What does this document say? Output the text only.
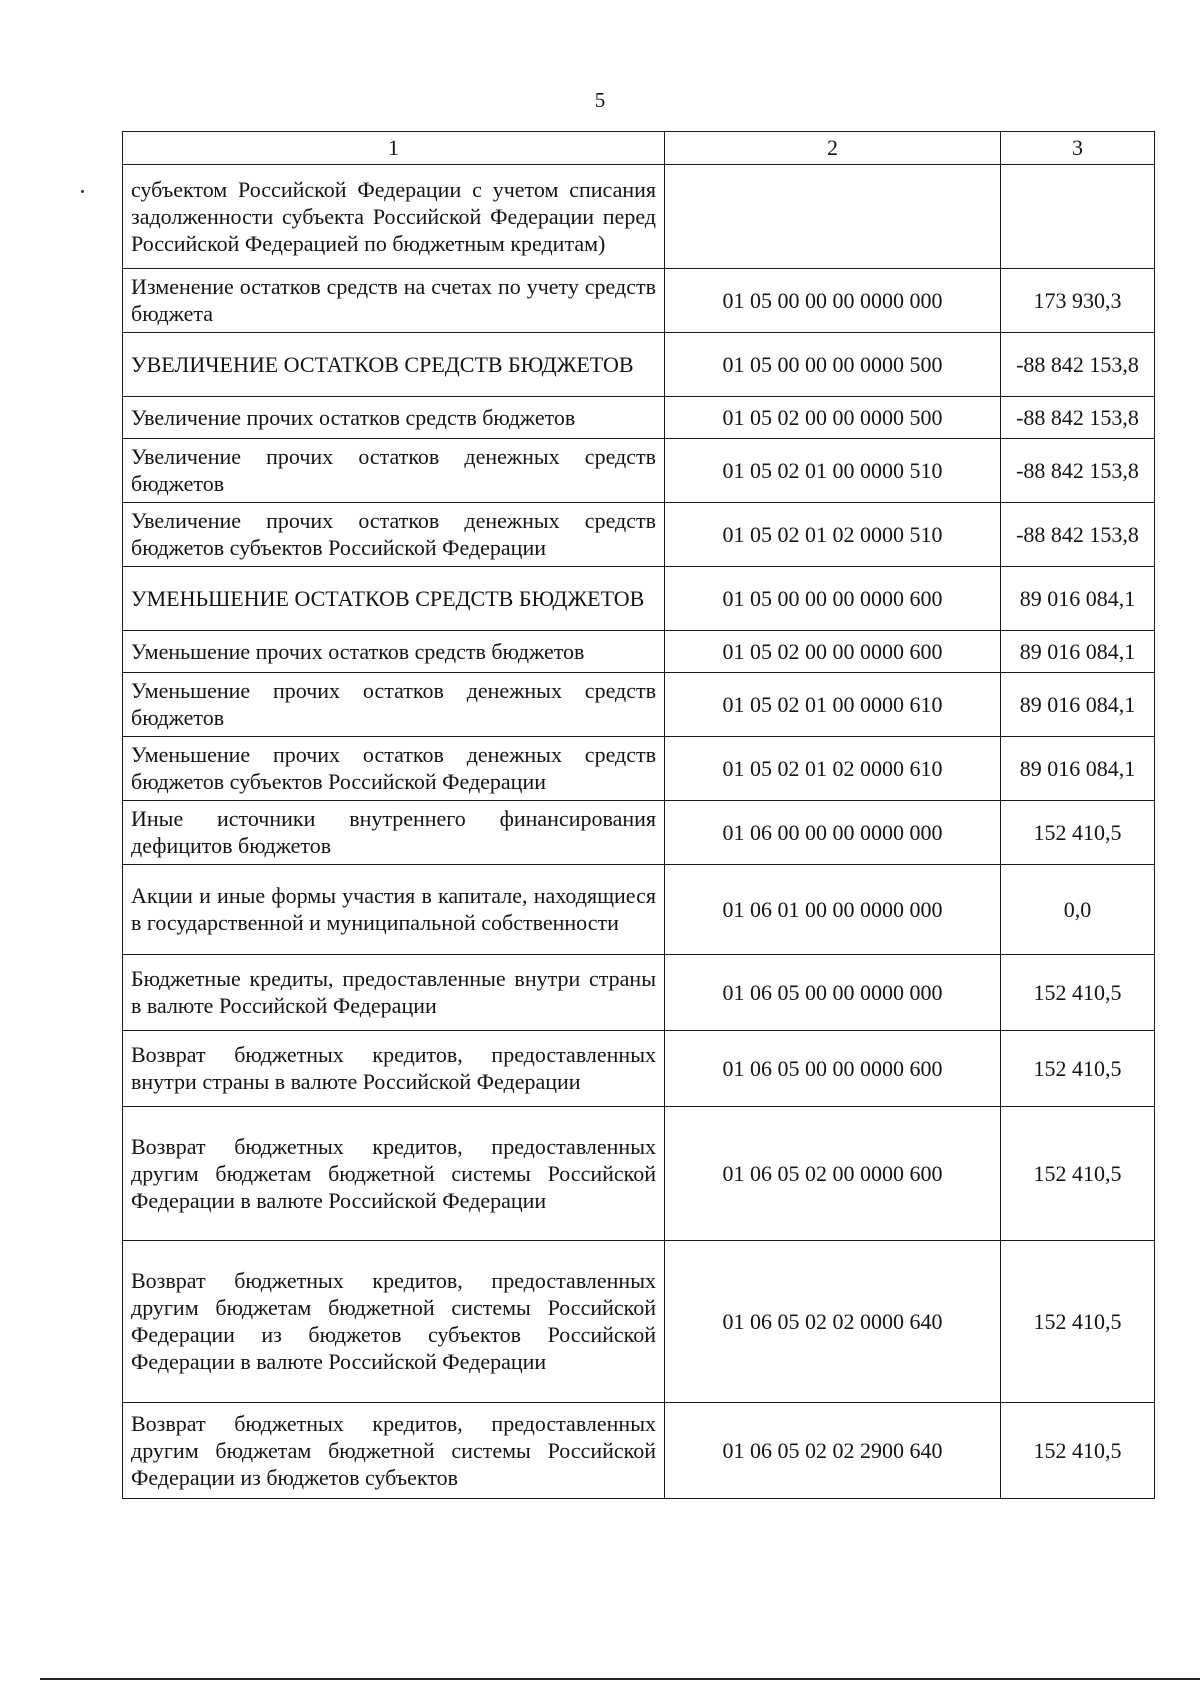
5
1	2	3
субъектом Российской Федерации с учетом списания задолженности субъекта Российской Федерации перед Российской Федерацией по бюджетным кредитам)		
Изменение остатков средств на счетах по учету средств бюджета	01 05 00 00 00 0000 000	173 930,3
УВЕЛИЧЕНИЕ ОСТАТКОВ СРЕДСТВ БЮДЖЕТОВ	01 05 00 00 00 0000 500	-88 842 153,8
Увеличение прочих остатков средств бюджетов	01 05 02 00 00 0000 500	-88 842 153,8
Увеличение прочих остатков денежных средств бюджетов	01 05 02 01 00 0000 510	-88 842 153,8
Увеличение прочих остатков денежных средств бюджетов субъектов Российской Федерации	01 05 02 01 02 0000 510	-88 842 153,8
УМЕНЬШЕНИЕ ОСТАТКОВ СРЕДСТВ БЮДЖЕТОВ	01 05 00 00 00 0000 600	89 016 084,1
Уменьшение прочих остатков средств бюджетов	01 05 02 00 00 0000 600	89 016 084,1
Уменьшение прочих остатков денежных средств бюджетов	01 05 02 01 00 0000 610	89 016 084,1
Уменьшение прочих остатков денежных средств бюджетов субъектов Российской Федерации	01 05 02 01 02 0000 610	89 016 084,1
Иные источники внутреннего финансирования дефицитов бюджетов	01 06 00 00 00 0000 000	152 410,5
Акции и иные формы участия в капитале, находящиеся в государственной и муниципальной собственности	01 06 01 00 00 0000 000	0,0
Бюджетные кредиты, предоставленные внутри страны в валюте Российской Федерации	01 06 05 00 00 0000 000	152 410,5
Возврат бюджетных кредитов, предоставленных внутри страны в валюте Российской Федерации	01 06 05 00 00 0000 600	152 410,5
Возврат бюджетных кредитов, предоставленных другим бюджетам бюджетной системы Российской Федерации в валюте Российской Федерации	01 06 05 02 00 0000 600	152 410,5
Возврат бюджетных кредитов, предоставленных другим бюджетам бюджетной системы Российской Федерации из бюджетов субъектов Российской Федерации в валюте Российской Федерации	01 06 05 02 02 0000 640	152 410,5
Возврат бюджетных кредитов, предоставленных другим бюджетам бюджетной системы Российской Федерации из бюджетов субъектов	01 06 05 02 02 2900 640	152 410,5
